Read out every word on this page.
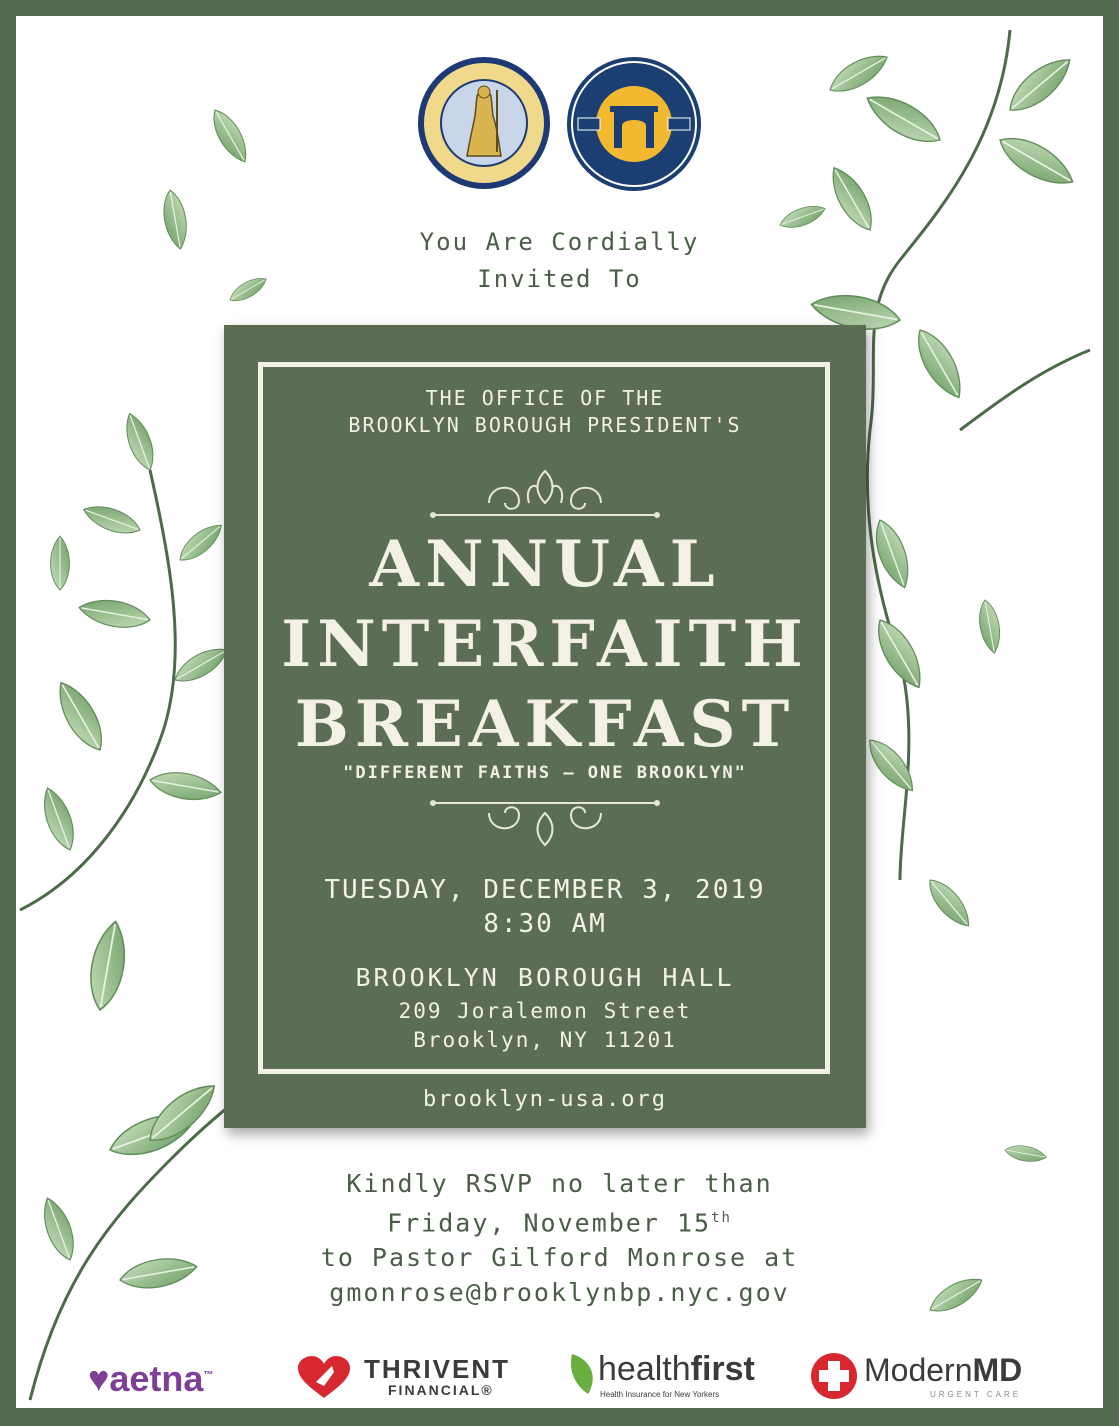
You Are Cordially
Invited To
THE OFFICE OF THE
BROOKLYN BOROUGH PRESIDENT'S
ANNUAL
INTERFAITH
BREAKFAST
"DIFFERENT FAITHS – ONE BROOKLYN"
TUESDAY, DECEMBER 3, 2019
8:30 AM
BROOKLYN BOROUGH HALL
209 Joralemon Street
Brooklyn, NY 11201
brooklyn-usa.org
Kindly RSVP no later than
Friday, November 15th
to Pastor Gilford Monrose at
gmonrose@brooklynbp.nyc.gov
♥aetna™	THRIVENT
FINANCIAL®
healthfirst
Health Insurance for New Yorkers
ModernMD
URGENT CARE
